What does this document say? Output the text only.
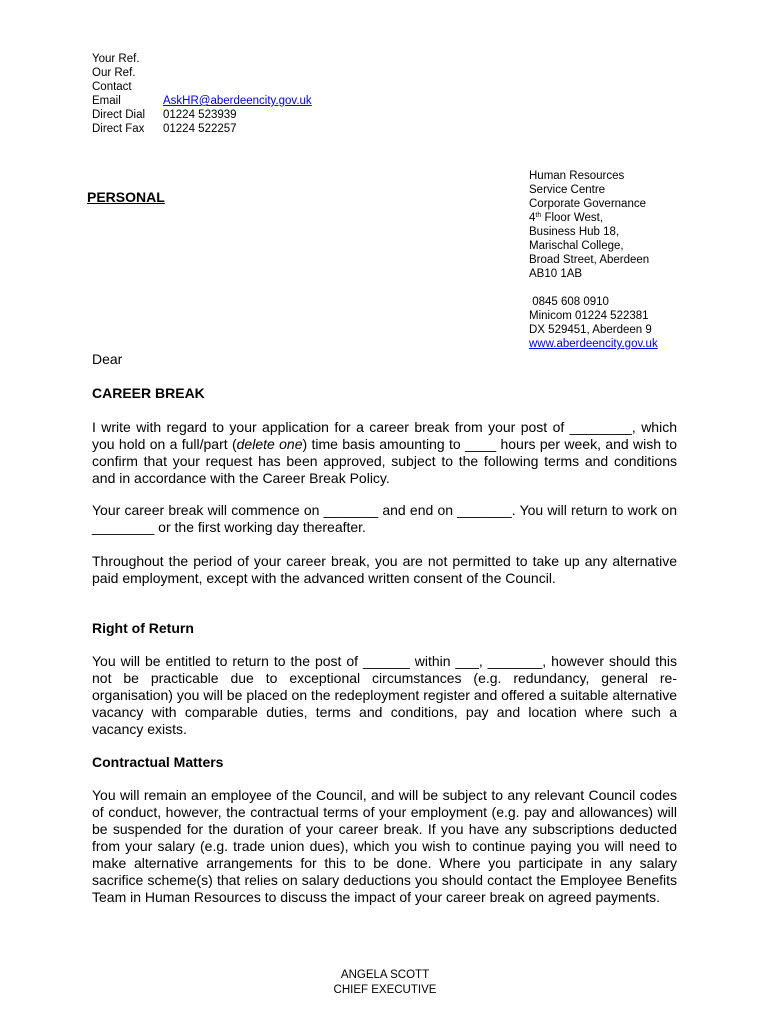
Your Ref.
Our Ref.
Contact
Email	AskHR@aberdeencity.gov.uk
Direct Dial	01224 523939
Direct Fax	01224 522257
PERSONAL
Human Resources
Service Centre
Corporate Governance
4th Floor West,
Business Hub 18,
Marischal College,
Broad Street, Aberdeen
AB10 1AB
0845 608 0910
Minicom 01224 522381
DX 529451, Aberdeen 9
www.aberdeencity.gov.uk
Dear
CAREER BREAK

I write with regard to your application for a career break from your post of ________, which you hold on a full/part (delete one) time basis amounting to ____ hours per week, and wish to confirm that your request has been approved, subject to the following terms and conditions and in accordance with the Career Break Policy.

Your career break will commence on _______ and end on _______. You will return to work on ________ or the first working day thereafter.

Throughout the period of your career break, you are not permitted to take up any alternative paid employment, except with the advanced written consent of the Council.

Right of Return

You will be entitled to return to the post of ______ within ___, _______, however should this not be practicable due to exceptional circumstances (e.g. redundancy, general re-organisation) you will be placed on the redeployment register and offered a suitable alternative vacancy with comparable duties, terms and conditions, pay and location where such a vacancy exists.

Contractual Matters

You will remain an employee of the Council, and will be subject to any relevant Council codes of conduct, however, the contractual terms of your employment (e.g. pay and allowances) will be suspended for the duration of your career break. If you have any subscriptions deducted from your salary (e.g. trade union dues), which you wish to continue paying you will need to make alternative arrangements for this to be done. Where you participate in any salary sacrifice scheme(s) that relies on salary deductions you should contact the Employee Benefits Team in Human Resources to discuss the impact of your career break on agreed payments.

ANGELA SCOTT
CHIEF EXECUTIVE
